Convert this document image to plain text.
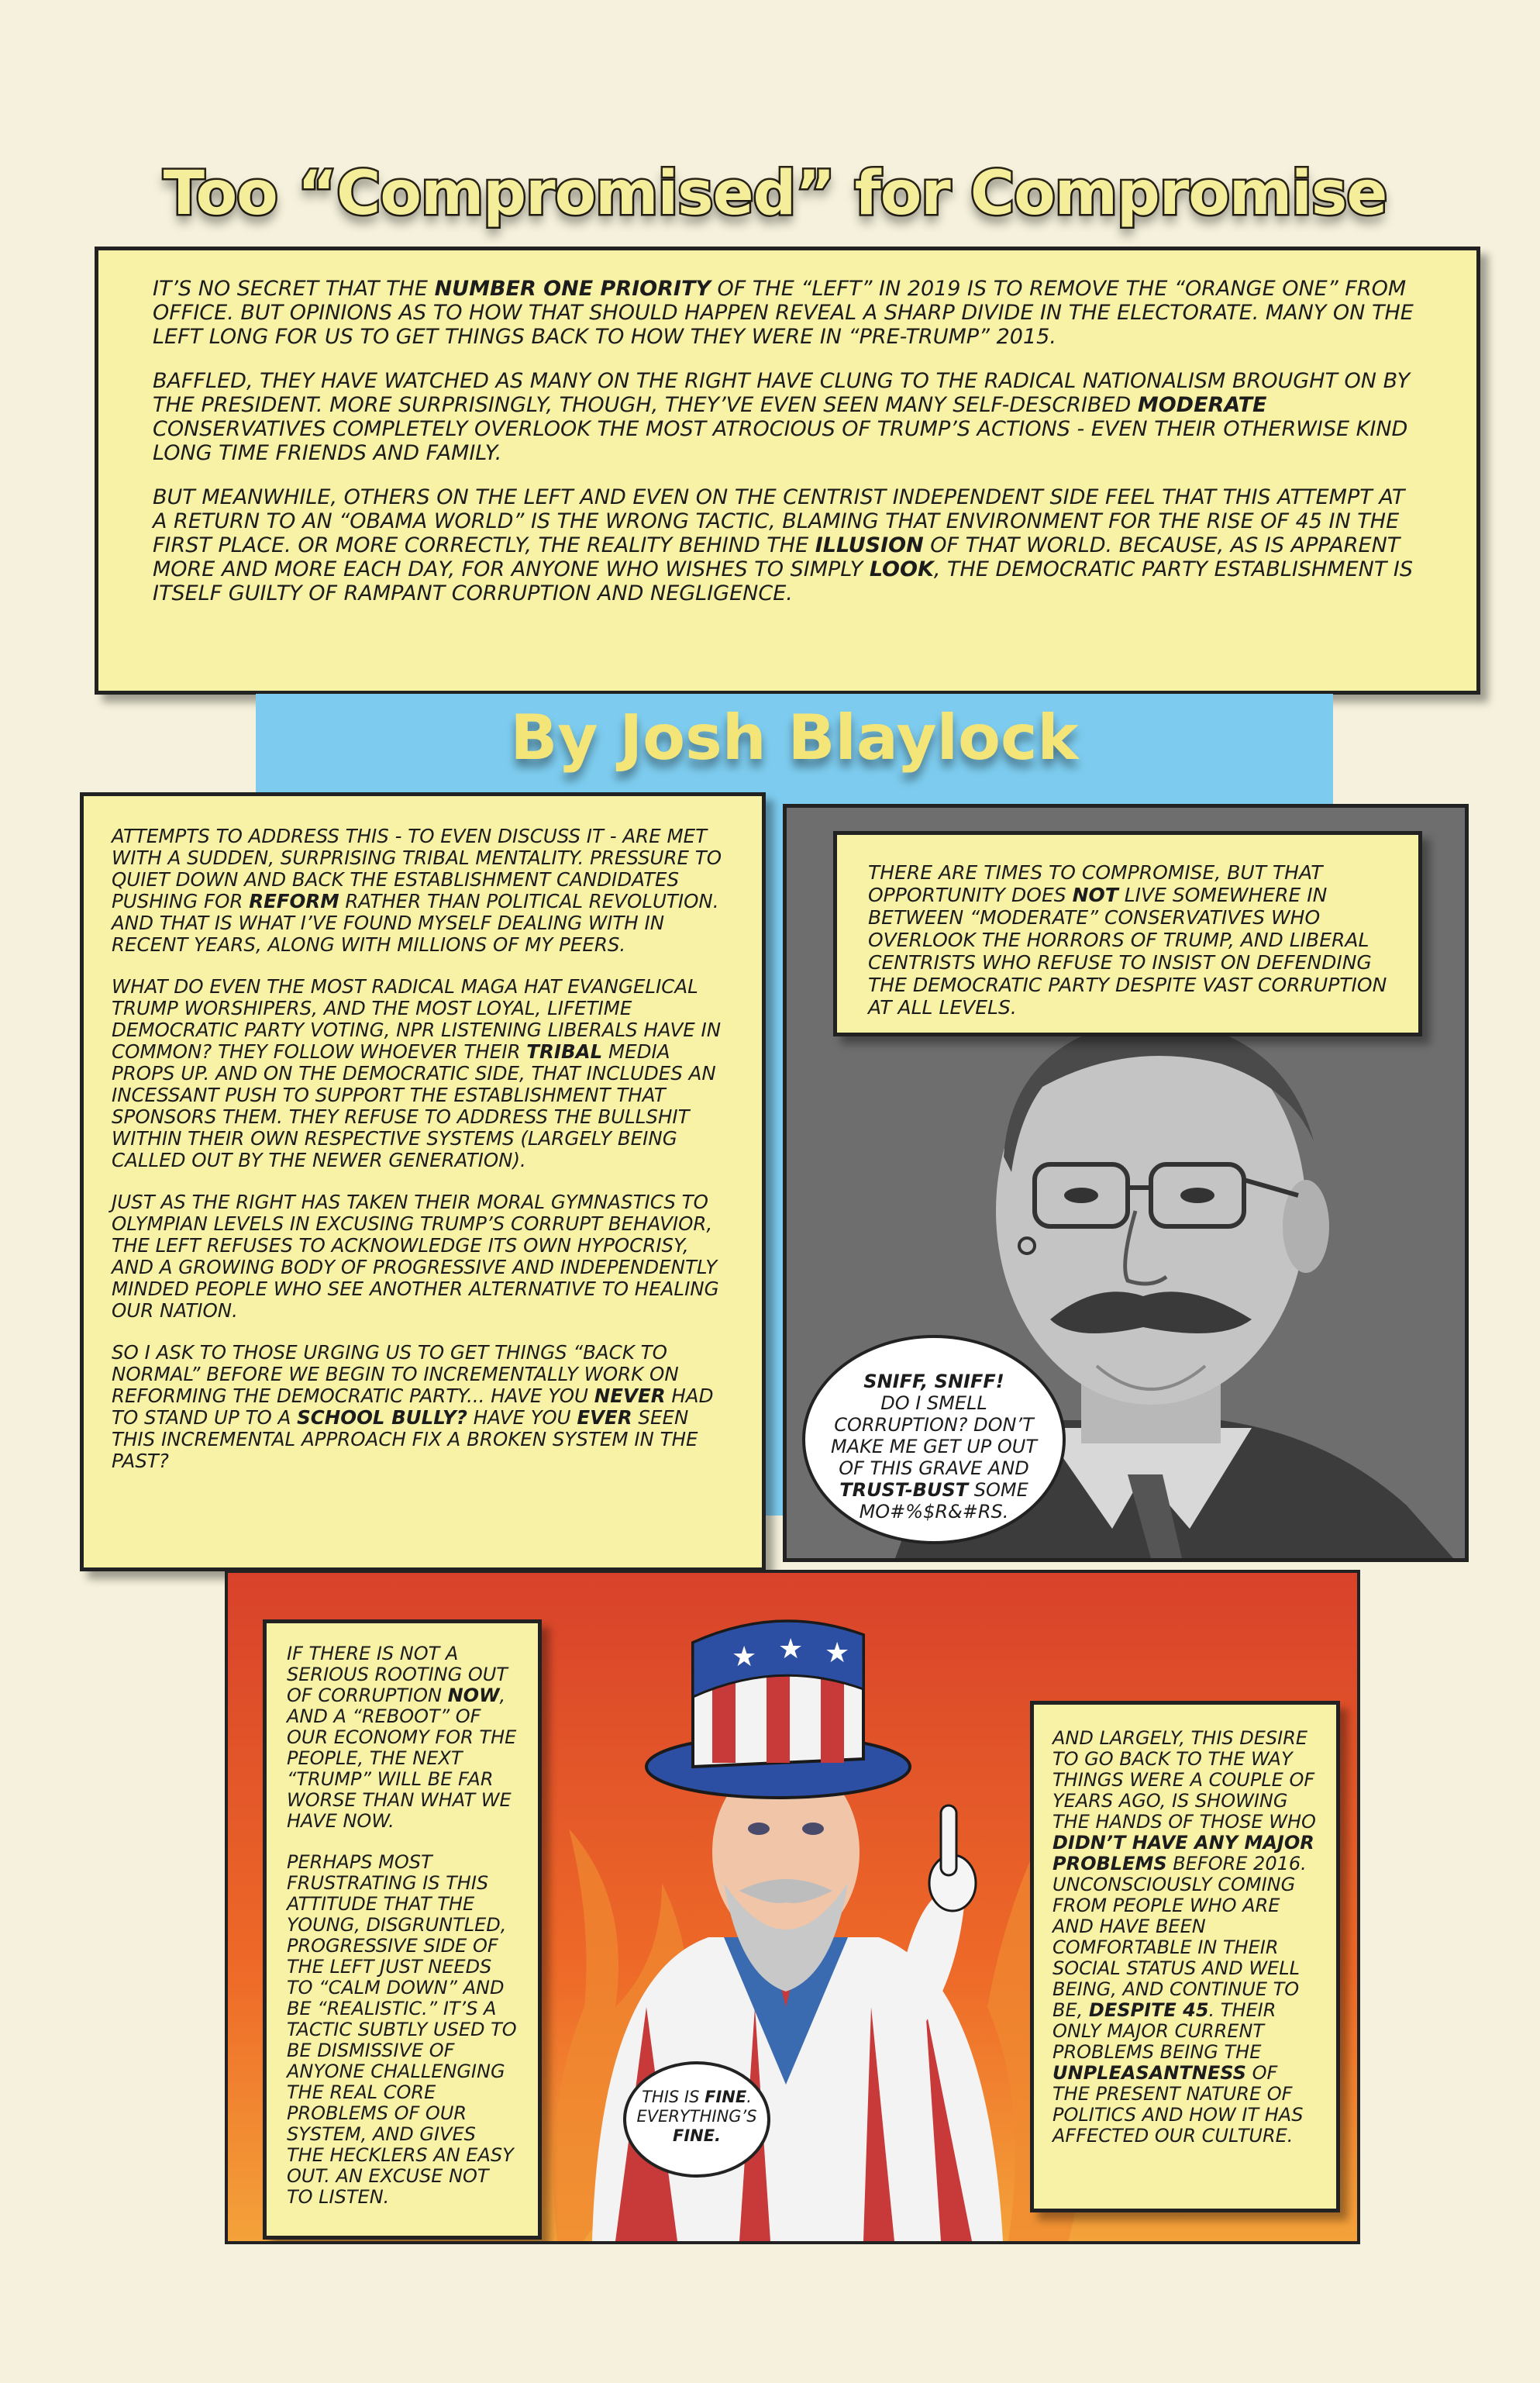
Too “Compromised” for Compromise

IT’S NO SECRET THAT THE NUMBER ONE PRIORITY OF THE “LEFT” IN 2019 IS TO REMOVE THE “ORANGE ONE” FROM OFFICE. BUT OPINIONS AS TO HOW THAT SHOULD HAPPEN REVEAL A SHARP DIVIDE IN THE ELECTORATE. MANY ON THE LEFT LONG FOR US TO GET THINGS BACK TO HOW THEY WERE IN “PRE-TRUMP” 2015.

BAFFLED, THEY HAVE WATCHED AS MANY ON THE RIGHT HAVE CLUNG TO THE RADICAL NATIONALISM BROUGHT ON BY THE PRESIDENT. MORE SURPRISINGLY, THOUGH, THEY’VE EVEN SEEN MANY SELF-DESCRIBED MODERATE CONSERVATIVES COMPLETELY OVERLOOK THE MOST ATROCIOUS OF TRUMP’S ACTIONS - EVEN THEIR OTHERWISE KIND LONG TIME FRIENDS AND FAMILY.

BUT MEANWHILE, OTHERS ON THE LEFT AND EVEN ON THE CENTRIST INDEPENDENT SIDE FEEL THAT THIS ATTEMPT AT A RETURN TO AN “OBAMA WORLD” IS THE WRONG TACTIC, BLAMING THAT ENVIRONMENT FOR THE RISE OF 45 IN THE FIRST PLACE. OR MORE CORRECTLY, THE REALITY BEHIND THE ILLUSION OF THAT WORLD. BECAUSE, AS IS APPARENT MORE AND MORE EACH DAY, FOR ANYONE WHO WISHES TO SIMPLY LOOK, THE DEMOCRATIC PARTY ESTABLISHMENT IS ITSELF GUILTY OF RAMPANT CORRUPTION AND NEGLIGENCE.

By Josh Blaylock

ATTEMPTS TO ADDRESS THIS - TO EVEN DISCUSS IT - ARE MET WITH A SUDDEN, SURPRISING TRIBAL MENTALITY. PRESSURE TO QUIET DOWN AND BACK THE ESTABLISHMENT CANDIDATES PUSHING FOR REFORM RATHER THAN POLITICAL REVOLUTION. AND THAT IS WHAT I’VE FOUND MYSELF DEALING WITH IN RECENT YEARS, ALONG WITH MILLIONS OF MY PEERS.

WHAT DO EVEN THE MOST RADICAL MAGA HAT EVANGELICAL TRUMP WORSHIPERS, AND THE MOST LOYAL, LIFETIME DEMOCRATIC PARTY VOTING, NPR LISTENING LIBERALS HAVE IN COMMON? THEY FOLLOW WHOEVER THEIR TRIBAL MEDIA PROPS UP. AND ON THE DEMOCRATIC SIDE, THAT INCLUDES AN INCESSANT PUSH TO SUPPORT THE ESTABLISHMENT THAT SPONSORS THEM. THEY REFUSE TO ADDRESS THE BULLSHIT WITHIN THEIR OWN RESPECTIVE SYSTEMS (LARGELY BEING CALLED OUT BY THE NEWER GENERATION).

JUST AS THE RIGHT HAS TAKEN THEIR MORAL GYMNASTICS TO OLYMPIAN LEVELS IN EXCUSING TRUMP’S CORRUPT BEHAVIOR, THE LEFT REFUSES TO ACKNOWLEDGE ITS OWN HYPOCRISY, AND A GROWING BODY OF PROGRESSIVE AND INDEPENDENTLY MINDED PEOPLE WHO SEE ANOTHER ALTERNATIVE TO HEALING OUR NATION.

SO I ASK TO THOSE URGING US TO GET THINGS “BACK TO NORMAL” BEFORE WE BEGIN TO INCREMENTALLY WORK ON REFORMING THE DEMOCRATIC PARTY... HAVE YOU NEVER HAD TO STAND UP TO A SCHOOL BULLY? HAVE YOU EVER SEEN THIS INCREMENTAL APPROACH FIX A BROKEN SYSTEM IN THE PAST?

THERE ARE TIMES TO COMPROMISE, BUT THAT OPPORTUNITY DOES NOT LIVE SOMEWHERE IN BETWEEN “MODERATE” CONSERVATIVES WHO OVERLOOK THE HORRORS OF TRUMP, AND LIBERAL CENTRISTS WHO REFUSE TO INSIST ON DEFENDING THE DEMOCRATIC PARTY DESPITE VAST CORRUPTION AT ALL LEVELS.
SNIFF, SNIFF!
DO I SMELL CORRUPTION? DON’T MAKE ME GET UP OUT OF THIS GRAVE AND TRUST-BUST SOME MO#%$R&#RS.
★ ★ ★

IF THERE IS NOT A SERIOUS ROOTING OUT OF CORRUPTION NOW, AND A “REBOOT” OF OUR ECONOMY FOR THE PEOPLE, THE NEXT “TRUMP” WILL BE FAR WORSE THAN WHAT WE HAVE NOW.

PERHAPS MOST FRUSTRATING IS THIS ATTITUDE THAT THE YOUNG, DISGRUNTLED, PROGRESSIVE SIDE OF THE LEFT JUST NEEDS TO “CALM DOWN” AND BE “REALISTIC.” IT’S A TACTIC SUBTLY USED TO BE DISMISSIVE OF ANYONE CHALLENGING THE REAL CORE PROBLEMS OF OUR SYSTEM, AND GIVES THE HECKLERS AN EASY OUT. AN EXCUSE NOT TO LISTEN.

AND LARGELY, THIS DESIRE TO GO BACK TO THE WAY THINGS WERE A COUPLE OF YEARS AGO, IS SHOWING THE HANDS OF THOSE WHO DIDN’T HAVE ANY MAJOR PROBLEMS BEFORE 2016. UNCONSCIOUSLY COMING FROM PEOPLE WHO ARE AND HAVE BEEN COMFORTABLE IN THEIR SOCIAL STATUS AND WELL BEING, AND CONTINUE TO BE, DESPITE 45. THEIR ONLY MAJOR CURRENT PROBLEMS BEING THE UNPLEASANTNESS OF THE PRESENT NATURE OF POLITICS AND HOW IT HAS AFFECTED OUR CULTURE.
THIS IS FINE. EVERYTHING’S FINE.
